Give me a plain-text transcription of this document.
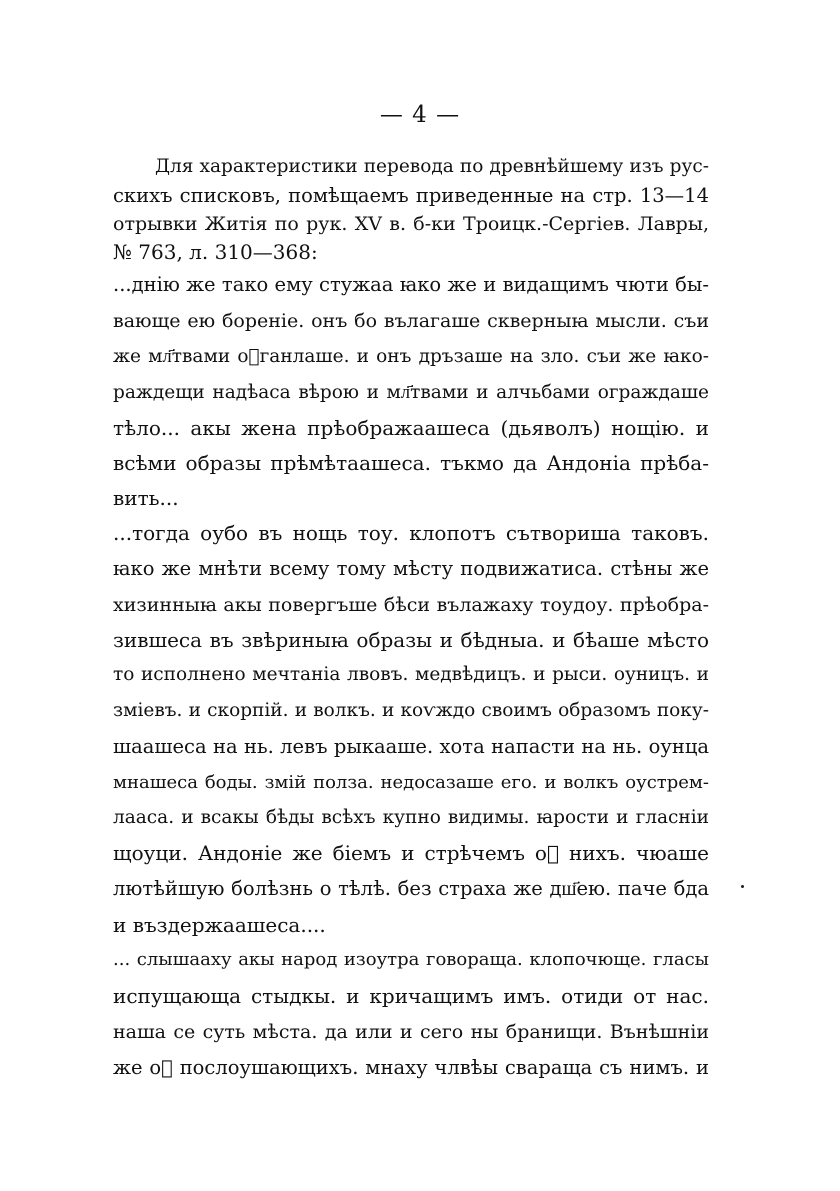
— 4 —
Для характеристики перевода по древнѣйшему изъ рус-
скихъ списковъ, помѣщаемъ приведенные на стр. 13—14
отрывки Житія по рук. XV в. б-ки Троицк.-Сергіев. Лавры,
№ 763, л. 310—368:
...днію же тако ему стужаа ꙗко же и видащимъ чюти бы-
вающе ею бореніе. онъ бо вълагаше скверныꙗ мысли. съи
же мл҃твами оⷮганлаше. и онъ дръзаше на зло. съи же ꙗко-
раждещи надѣаса вѣрою и мл҃твами и алчьбами ограждаше
тѣло... акы жена прѣображаашеса (дьяволъ) нощію. и
всѣми образы прѣмѣтаашеса. тъкмо да Андоніа прѣба-
вить...
...тогда оубо въ нощь тоу. клопотъ сътвориша таковъ.
ꙗко же мнѣти всему тому мѣсту подвижатиса. стѣны же
хизинныꙗ акы повергъше бѣси вълажаху тоудоу. прѣобра-
зившеса въ звѣриныꙗ образы и бѣдныа. и бѣаше мѣсто
то исполнено мечтаніа лвовъ. медвѣдицъ. и рыси. оуницъ. и
зміевъ. и скорпій. и волкъ. и коѵждо своимъ образомъ поку-
шаашеса на нь. левъ рыкааше. хота напасти на нь. оунца
мнашеса боды. змій полза. недосазаше его. и волкъ оустрем-
лааса. и всакы бѣды всѣхъ купно видимы. ꙗрости и гласніи
щоуци. Андоніе же біемъ и стрѣчемъ оⷮ нихъ. чюаше
лютѣйшую болѣзнь о тѣлѣ. без страха же дш҃ею. паче бда
и въздержаашеса....
... слышааху акы народ изоутра говораща. клопочюще. гласы
испущающа стыдкы. и кричащимъ имъ. отиди от нас.
наша се суть мѣста. да или и сего ны бранищи. Вънѣшніи
же оⷮ послоушающихъ. мнаху члвѣы свараща съ нимъ. и
